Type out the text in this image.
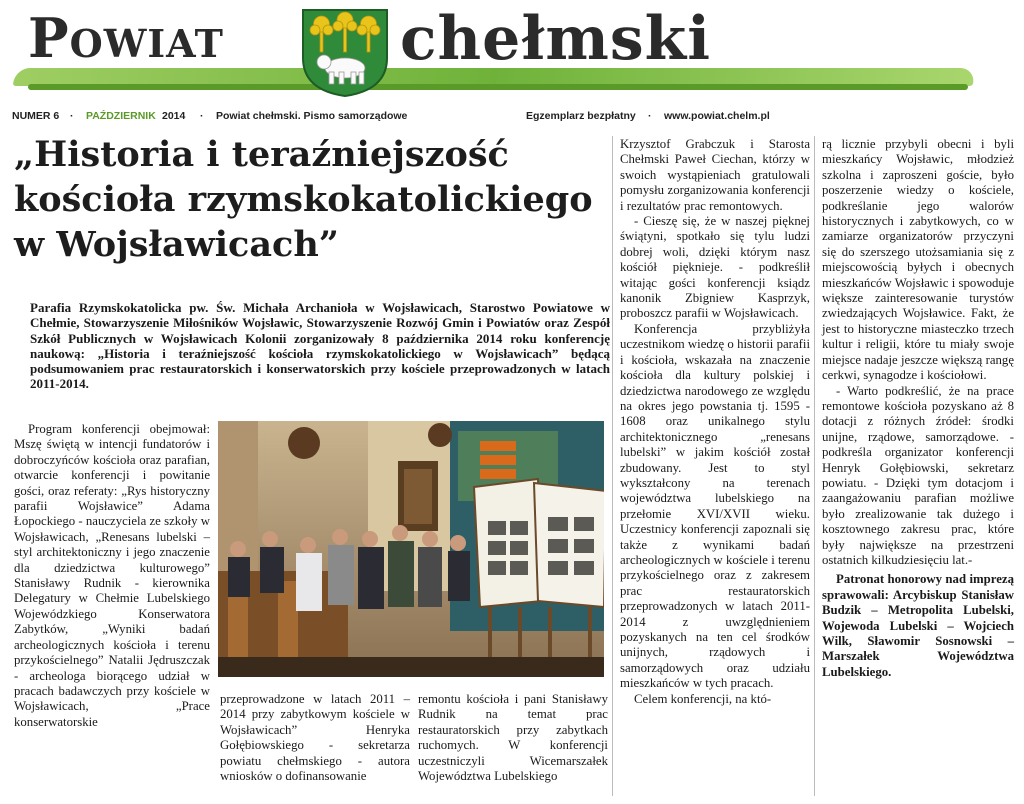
Powiat	chełmski
NUMER 6 · PAŹDZIERNIK 2014 · Powiat chełmski. Pismo samorządowe	Egzemplarz bezpłatny · www.powiat.chelm.pl
„Historia i teraźniejszość kościoła rzymskokatolickiego w Wojsławicach”

Parafia Rzymskokatolicka pw. Św. Michała Archanioła w Wojsławicach, Starostwo Powiatowe w Chełmie, Stowarzyszenie Miłośników Wojsławic, Stowarzyszenie Rozwój Gmin i Powiatów oraz Zespół Szkół Publicznych w Wojsławicach Kolonii zorganizowały 8 października 2014 roku konferencję naukową: „Historia i teraźniejszość kościoła rzymskokatolickiego w Wojsławicach” będącą podsumowaniem prac restauratorskich i konserwatorskich przy kościele przeprowadzonych w latach 2011-2014.

Program konferencji obejmował: Mszę świętą w intencji fundatorów i dobroczyńców kościoła oraz parafian, otwarcie konferencji i powitanie gości, oraz referaty: „Rys historyczny parafii Wojsławice” Adama Łopockiego - nauczyciela ze szkoły w Wojsławicach, „Renesans lubelski – styl architektoniczny i jego znaczenie dla dziedzictwa kulturowego” Stanisławy Rudnik - kierownika Delegatury w Chełmie Lubelskiego Wojewódzkiego Konserwatora Zabytków, „Wyniki badań archeologicznych kościoła i terenu przykościelnego” Natalii Jędruszczak - archeologa biorącego udział w pracach badawczych przy kościele w Wojsławicach, „Prace konserwatorskie

przeprowadzone w latach 2011 – 2014 przy zabytkowym kościele w Wojsławicach” Henryka Gołębiowskiego - sekretarza powiatu chełmskiego - autora wniosków o dofinansowanie

remontu kościoła i pani Stanisławy Rudnik na temat prac restauratorskich przy zabytkach ruchomych. W konferencji uczestniczyli Wicemarszałek Województwa Lubelskiego

Krzysztof Grabczuk i Starosta Chełmski Paweł Ciechan, którzy w swoich wystąpieniach gratulowali pomysłu zorganizowania konferencji i rezultatów prac remontowych.

- Cieszę się, że w naszej pięknej świątyni, spotkało się tylu ludzi dobrej woli, dzięki którym nasz kościół pięknieje. - podkreślił witając gości konferencji ksiądz kanonik Zbigniew Kasprzyk, proboszcz parafii w Wojsławicach.

Konferencja przybliżyła uczestnikom wiedzę o historii parafii i kościoła, wskazała na znaczenie kościoła dla kultury polskiej i dziedzictwa narodowego ze względu na okres jego powstania tj. 1595 - 1608 oraz unikalnego stylu architektonicznego „renesans lubelski” w jakim kościół został zbudowany. Jest to styl wykształcony na terenach województwa lubelskiego na przełomie XVI/XVII wieku. Uczestnicy konferencji zapoznali się także z wynikami badań archeologicznych w kościele i terenu przykościelnego oraz z zakresem prac restauratorskich przeprowadzonych w latach 2011-2014 z uwzględnieniem pozyskanych na ten cel środków unijnych, rządowych i samorządowych oraz udziału mieszkańców w tych pracach.

Celem konferencji, na któ-

rą licznie przybyli obecni i byli mieszkańcy Wojsławic, młodzież szkolna i zaproszeni goście, było poszerzenie wiedzy o kościele, podkreślanie jego walorów historycznych i zabytkowych, co w zamiarze organizatorów przyczyni się do szerszego utożsamiania się z miejscowością byłych i obecnych mieszkańców Wojsławic i spowoduje większe zainteresowanie turystów zwiedzających Wojsławice. Fakt, że jest to historyczne miasteczko trzech kultur i religii, które tu miały swoje miejsce nadaje jeszcze większą rangę cerkwi, synagodze i kościołowi.

- Warto podkreślić, że na prace remontowe kościoła pozyskano aż 8 dotacji z różnych źródeł: środki unijne, rządowe, samorządowe. - podkreśla organizator konferencji Henryk Gołębiowski, sekretarz powiatu. - Dzięki tym dotacjom i zaangażowaniu parafian możliwe było zrealizowanie tak dużego i kosztownego zakresu prac, które były największe na przestrzeni ostatnich kilkudziesięciu lat.-

Patronat honorowy nad imprezą sprawowali: Arcybiskup Stanisław Budzik – Metropolita Lubelski, Wojewoda Lubelski – Wojciech Wilk, Sławomir Sosnowski – Marszałek Województwa Lubelskiego.
